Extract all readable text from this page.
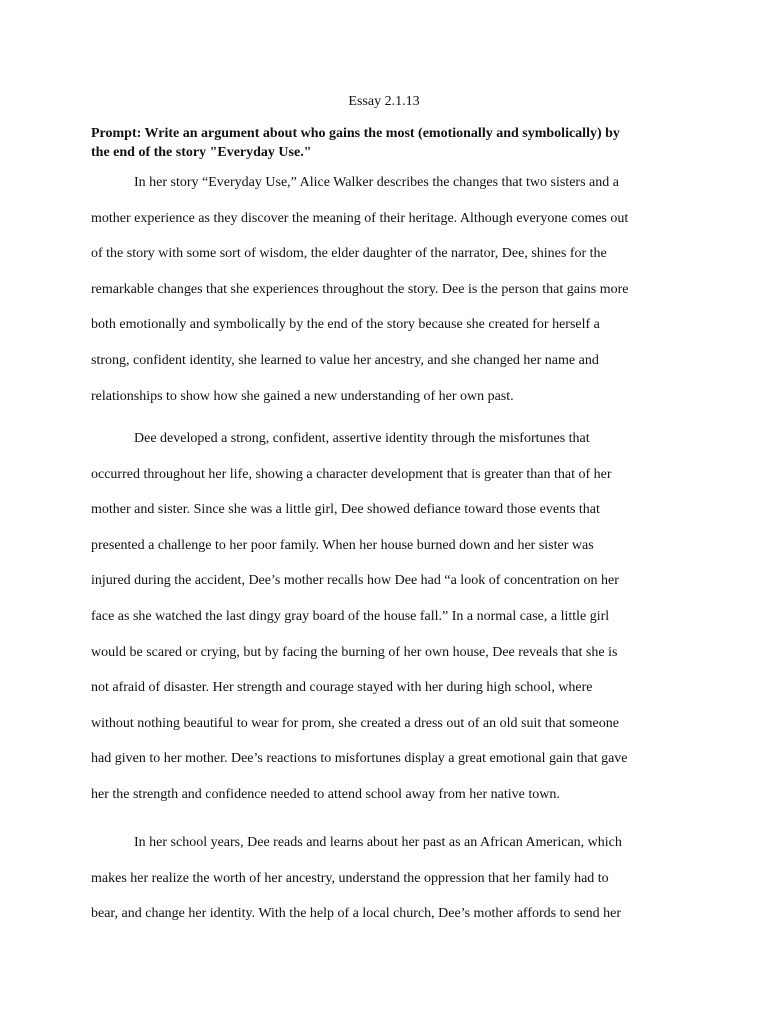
Essay 2.1.13
Prompt: Write an argument about who gains the most (emotionally and symbolically) by
the end of the story "Everyday Use."
In her story “Everyday Use,” Alice Walker describes the changes that two sisters and a
mother experience as they discover the meaning of their heritage. Although everyone comes out
of the story with some sort of wisdom, the elder daughter of the narrator, Dee, shines for the
remarkable changes that she experiences throughout the story. Dee is the person that gains more
both emotionally and symbolically by the end of the story because she created for herself a
strong, confident identity, she learned to value her ancestry, and she changed her name and
relationships to show how she gained a new understanding of her own past.
Dee developed a strong, confident, assertive identity through the misfortunes that
occurred throughout her life, showing a character development that is greater than that of her
mother and sister. Since she was a little girl, Dee showed defiance toward those events that
presented a challenge to her poor family. When her house burned down and her sister was
injured during the accident, Dee’s mother recalls how Dee had “a look of concentration on her
face as she watched the last dingy gray board of the house fall.” In a normal case, a little girl
would be scared or crying, but by facing the burning of her own house, Dee reveals that she is
not afraid of disaster. Her strength and courage stayed with her during high school, where
without nothing beautiful to wear for prom, she created a dress out of an old suit that someone
had given to her mother. Dee’s reactions to misfortunes display a great emotional gain that gave
her the strength and confidence needed to attend school away from her native town.
In her school years, Dee reads and learns about her past as an African American, which
makes her realize the worth of her ancestry, understand the oppression that her family had to
bear, and change her identity. With the help of a local church, Dee’s mother affords to send her
